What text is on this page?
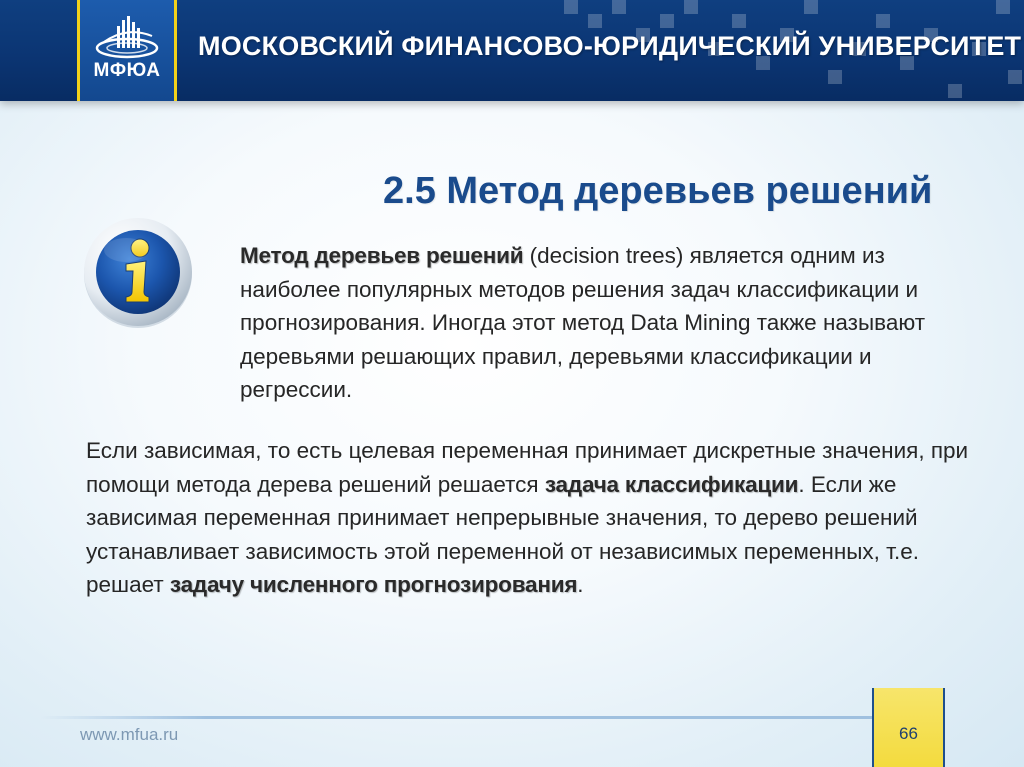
МФЮА
МОСКОВСКИЙ ФИНАНСОВО-ЮРИДИЧЕСКИЙ УНИВЕРСИТЕТ
2.5 Метод деревьев решений

Метод деревьев решений (decision trees) является одним из наиболее популярных методов решения задач классификации и прогнозирования. Иногда этот метод Data Mining также называют деревьями решающих правил, деревьями классификации и регрессии.

Если зависимая, то есть целевая переменная принимает дискретные значения, при помощи метода дерева решений решается задача классификации. Если же зависимая переменная принимает непрерывные значения, то дерево решений устанавливает зависимость этой переменной от независимых переменных, т.е. решает задачу численного прогнозирования.

www.mfua.ru	66
